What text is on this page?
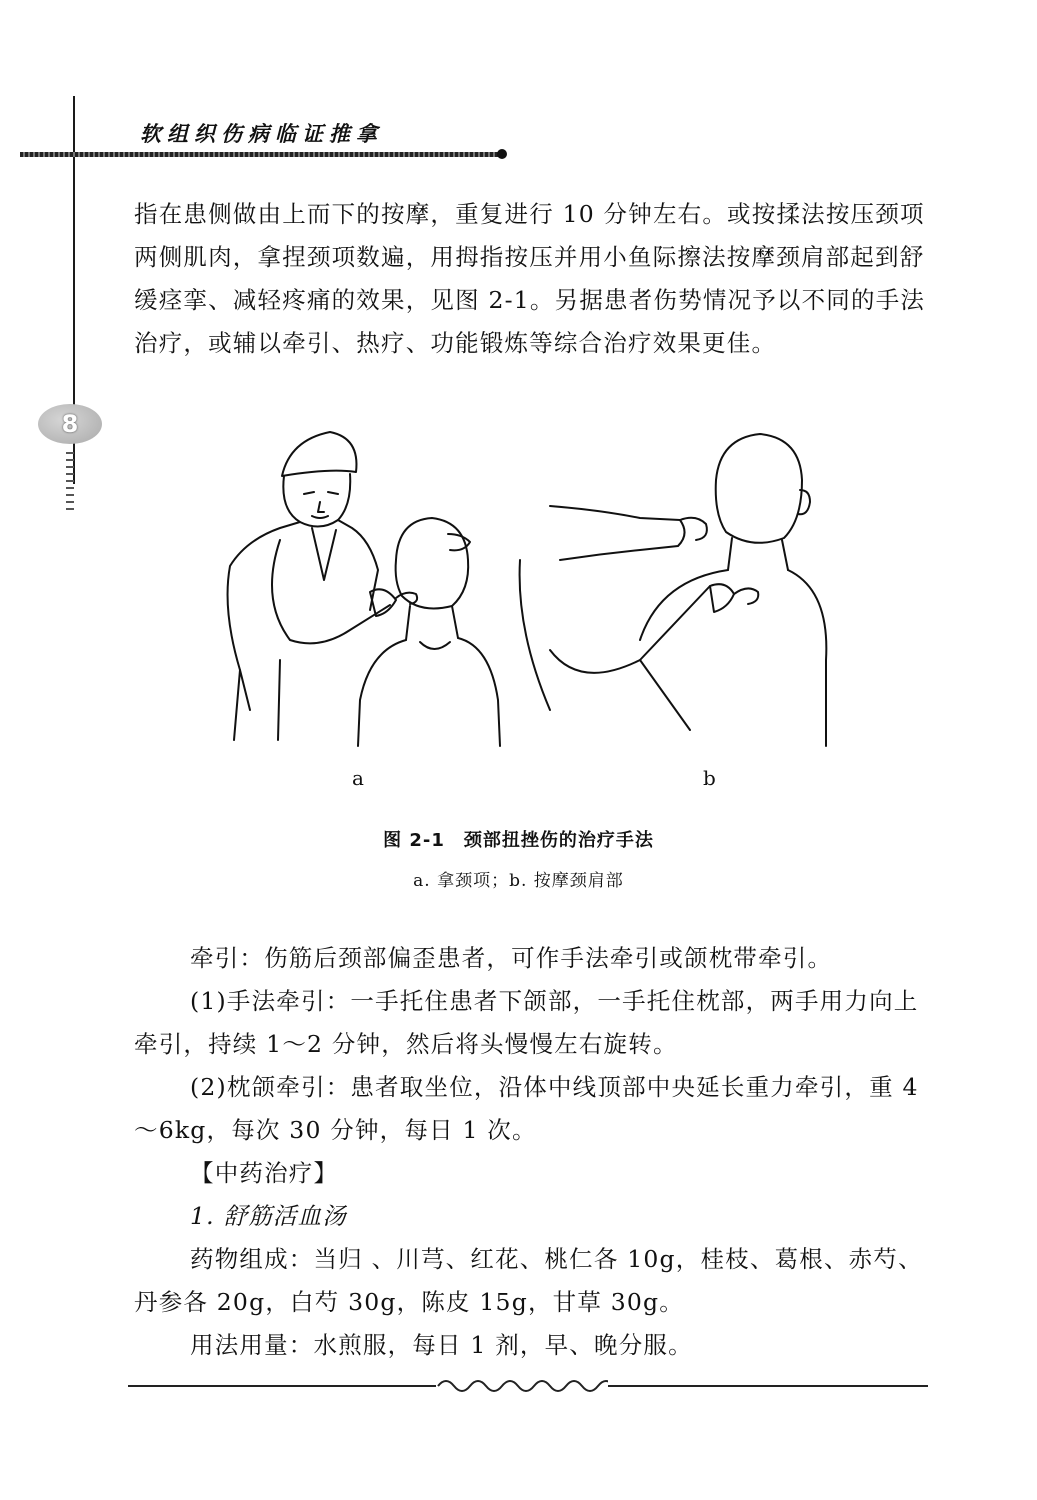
软组织伤病临证推拿
8

指在患侧做由上而下的按摩，重复进行 10 分钟左右。或按揉法按压颈项两侧肌肉，拿捏颈项数遍，用拇指按压并用小鱼际擦法按摩颈肩部起到舒缓痉挛、减轻疼痛的效果，见图 2-1。另据患者伤势情况予以不同的手法治疗，或辅以牵引、热疗、功能锻炼等综合治疗效果更佳。

a	b
图 2-1　颈部扭挫伤的治疗手法
a. 拿颈项；b. 按摩颈肩部

牵引：伤筋后颈部偏歪患者，可作手法牵引或颌枕带牵引。

(1)手法牵引：一手托住患者下颌部，一手托住枕部，两手用力向上牵引，持续 1～2 分钟，然后将头慢慢左右旋转。

(2)枕颌牵引：患者取坐位，沿体中线顶部中央延长重力牵引，重 4～6kg，每次 30 分钟，每日 1 次。

【中药治疗】

1. 舒筋活血汤

药物组成：当归 、川芎、红花、桃仁各 10g，桂枝、葛根、赤芍、丹参各 20g，白芍 30g，陈皮 15g，甘草 30g。

用法用量：水煎服，每日 1 剂，早、晚分服。
